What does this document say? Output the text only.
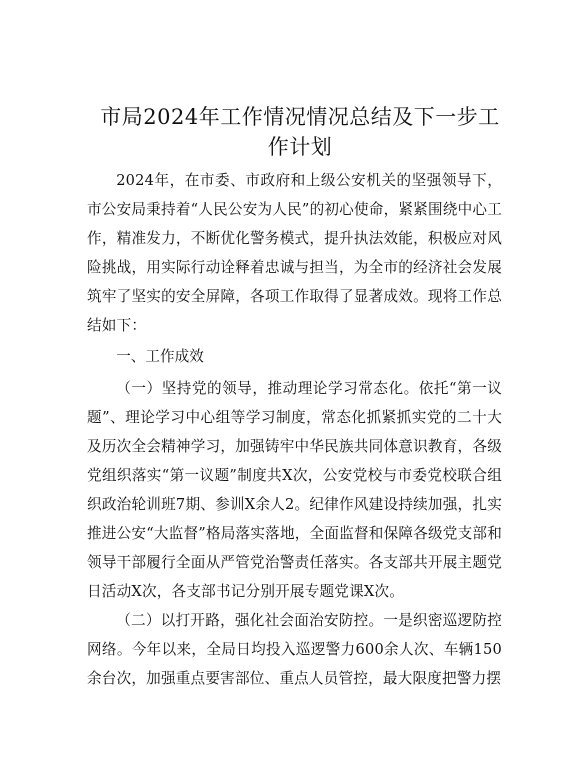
市局2024年工作情况情况总结及下一步工作计划

2024年，在市委、市政府和上级公安机关的坚强领导下，市公安局秉持着“人民公安为人民”的初心使命，紧紧围绕中心工作，精准发力，不断优化警务模式，提升执法效能，积极应对风险挑战，用实际行动诠释着忠诚与担当，为全市的经济社会发展筑牢了坚实的安全屏障，各项工作取得了显著成效。现将工作总结如下：

一、工作成效

（一）坚持党的领导，推动理论学习常态化。依托“第一议题”、理论学习中心组等学习制度，常态化抓紧抓实党的二十大及历次全会精神学习，加强铸牢中华民族共同体意识教育，各级党组织落实“第一议题”制度共X次，公安党校与市委党校联合组织政治轮训班7期、参训X余人2。纪律作风建设持续加强，扎实推进公安“大监督”格局落实落地，全面监督和保障各级党支部和领导干部履行全面从严管党治警责任落实。各支部共开展主题党日活动X次，各支部书记分别开展专题党课X次。

（二）以打开路，强化社会面治安防控。一是织密巡逻防控网络。今年以来，全局日均投入巡逻警力600余人次、车辆150余台次，加强重点要害部位、重点人员管控，最大限度把警力摆
